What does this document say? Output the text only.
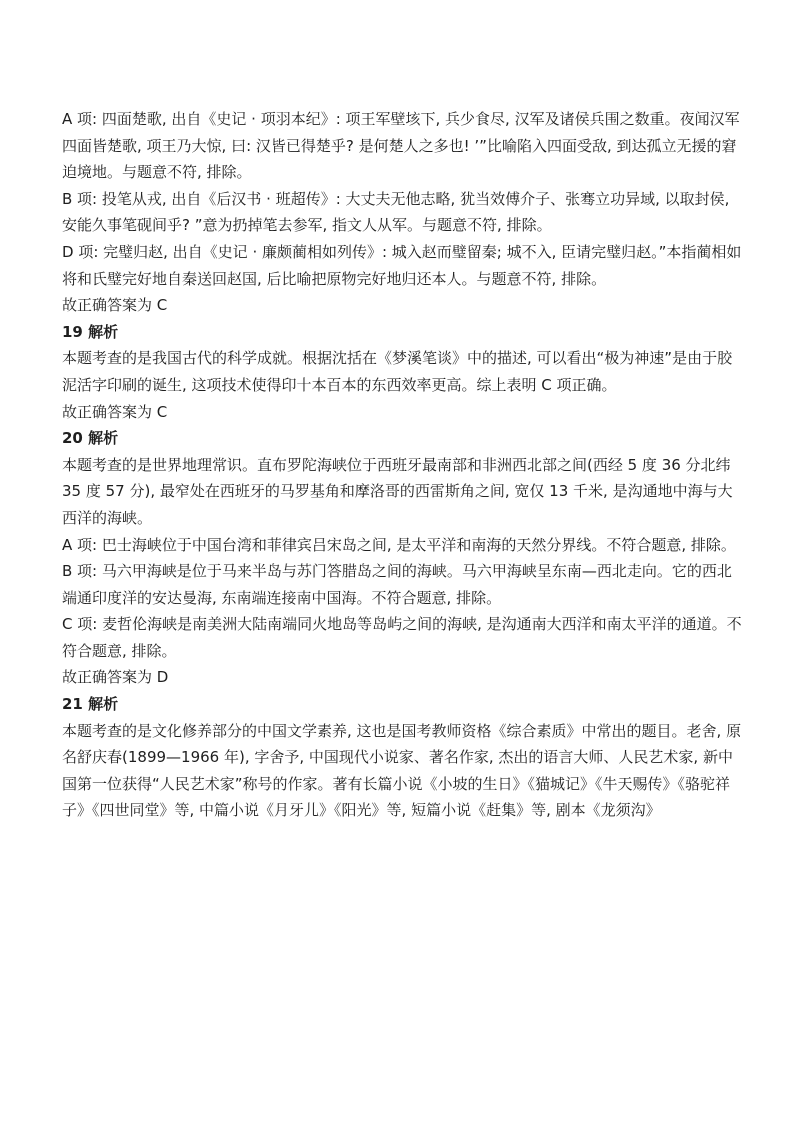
A 项: 四面楚歌, 出自《史记 · 项羽本纪》: 项王军壁垓下, 兵少食尽, 汉军及诸侯兵围之数重。夜闻汉军四面皆楚歌, 项王乃大惊, 曰: 汉皆已得楚乎? 是何楚人之多也! ’”比喻陷入四面受敌, 到达孤立无援的窘迫境地。与题意不符, 排除。

B 项: 投笔从戎, 出自《后汉书 · 班超传》: 大丈夫无他志略, 犹当效傅介子、张骞立功异域, 以取封侯, 安能久事笔砚间乎? ”意为扔掉笔去参军, 指文人从军。与题意不符, 排除。

D 项: 完璧归赵, 出自《史记 · 廉颇蔺相如列传》: 城入赵而璧留秦; 城不入, 臣请完璧归赵。”本指蔺相如将和氏璧完好地自秦送回赵国, 后比喻把原物完好地归还本人。与题意不符, 排除。

故正确答案为 C

19 解析

本题考查的是我国古代的科学成就。根据沈括在《梦溪笔谈》中的描述, 可以看出“极为神速”是由于胶泥活字印刷的诞生, 这项技术使得印十本百本的东西效率更高。综上表明 C 项正确。

故正确答案为 C

20 解析

本题考查的是世界地理常识。直布罗陀海峡位于西班牙最南部和非洲西北部之间(西经 5 度 36 分北纬 35 度 57 分), 最窄处在西班牙的马罗基角和摩洛哥的西雷斯角之间, 宽仅 13 千米, 是沟通地中海与大西洋的海峡。

A 项: 巴士海峡位于中国台湾和菲律宾吕宋岛之间, 是太平洋和南海的天然分界线。不符合题意, 排除。

B 项: 马六甲海峡是位于马来半岛与苏门答腊岛之间的海峡。马六甲海峡呈东南—西北走向。它的西北端通印度洋的安达曼海, 东南端连接南中国海。不符合题意, 排除。

C 项: 麦哲伦海峡是南美洲大陆南端同火地岛等岛屿之间的海峡, 是沟通南大西洋和南太平洋的通道。不符合题意, 排除。

故正确答案为 D

21 解析

本题考查的是文化修养部分的中国文学素养, 这也是国考教师资格《综合素质》中常出的题目。老舍, 原名舒庆春(1899—1966 年), 字舍予, 中国现代小说家、著名作家, 杰出的语言大师、人民艺术家, 新中国第一位获得“人民艺术家”称号的作家。著有长篇小说《小坡的生日》《猫城记》《牛天赐传》《骆驼祥子》《四世同堂》等, 中篇小说《月牙儿》《阳光》等, 短篇小说《赶集》等, 剧本《龙须沟》
